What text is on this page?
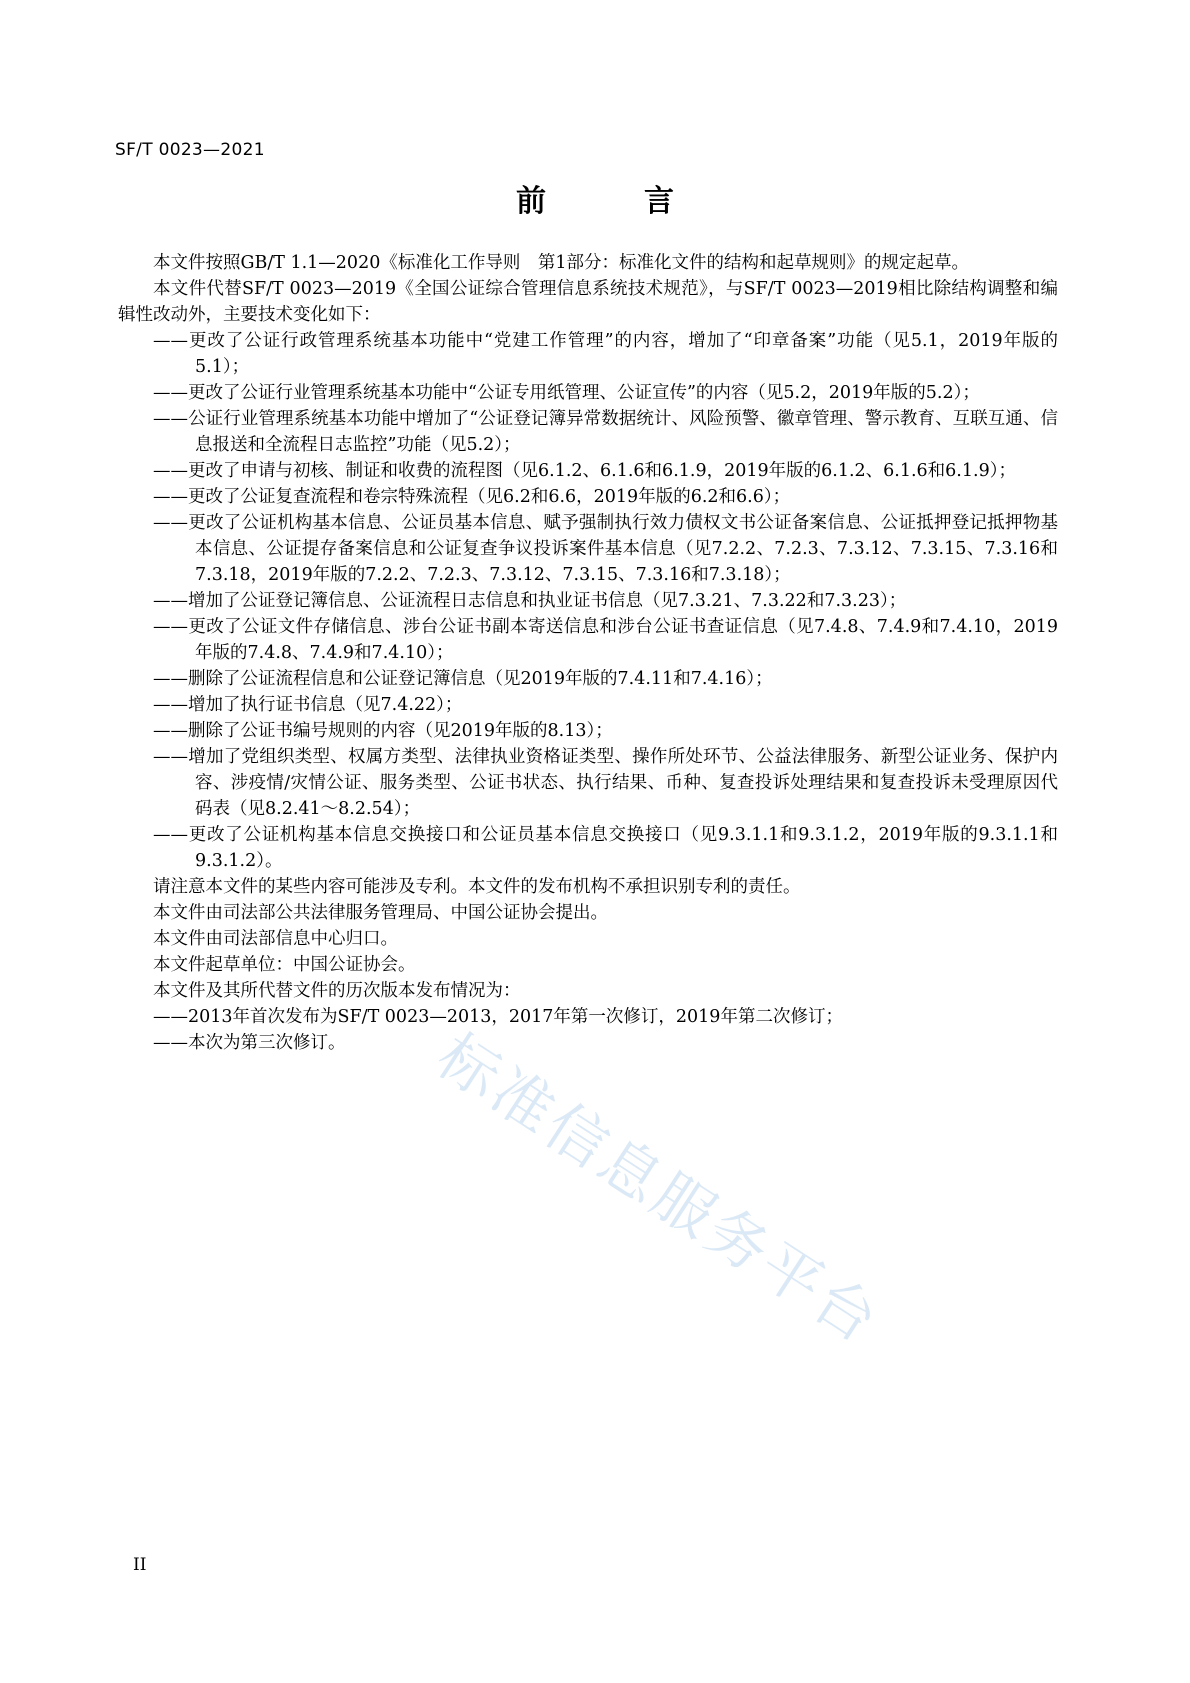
SF/T 0023—2021
前　言

本文件按照GB/T 1.1—2020《标准化工作导则　第1部分：标准化文件的结构和起草规则》的规定起草。

本文件代替SF/T 0023—2019《全国公证综合管理信息系统技术规范》，与SF/T 0023—2019相比除结构调整和编辑性改动外，主要技术变化如下：

——更改了公证行政管理系统基本功能中“党建工作管理”的内容，增加了“印章备案”功能（见5.1，2019年版的5.1）；

——更改了公证行业管理系统基本功能中“公证专用纸管理、公证宣传”的内容（见5.2，2019年版的5.2）；

——公证行业管理系统基本功能中增加了“公证登记簿异常数据统计、风险预警、徽章管理、警示教育、互联互通、信息报送和全流程日志监控”功能（见5.2）；

——更改了申请与初核、制证和收费的流程图（见6.1.2、6.1.6和6.1.9，2019年版的6.1.2、6.1.6和6.1.9）；

——更改了公证复查流程和卷宗特殊流程（见6.2和6.6，2019年版的6.2和6.6）；

——更改了公证机构基本信息、公证员基本信息、赋予强制执行效力债权文书公证备案信息、公证抵押登记抵押物基本信息、公证提存备案信息和公证复查争议投诉案件基本信息（见7.2.2、7.2.3、7.3.12、7.3.15、7.3.16和7.3.18，2019年版的7.2.2、7.2.3、7.3.12、7.3.15、7.3.16和7.3.18）；

——增加了公证登记簿信息、公证流程日志信息和执业证书信息（见7.3.21、7.3.22和7.3.23）；

——更改了公证文件存储信息、涉台公证书副本寄送信息和涉台公证书查证信息（见7.4.8、7.4.9和7.4.10，2019年版的7.4.8、7.4.9和7.4.10）；

——删除了公证流程信息和公证登记簿信息（见2019年版的7.4.11和7.4.16）；

——增加了执行证书信息（见7.4.22）；

——删除了公证书编号规则的内容（见2019年版的8.13）；

——增加了党组织类型、权属方类型、法律执业资格证类型、操作所处环节、公益法律服务、新型公证业务、保护内容、涉疫情/灾情公证、服务类型、公证书状态、执行结果、币种、复查投诉处理结果和复查投诉未受理原因代码表（见8.2.41～8.2.54）；

——更改了公证机构基本信息交换接口和公证员基本信息交换接口（见9.3.1.1和9.3.1.2，2019年版的9.3.1.1和9.3.1.2）。

请注意本文件的某些内容可能涉及专利。本文件的发布机构不承担识别专利的责任。

本文件由司法部公共法律服务管理局、中国公证协会提出。

本文件由司法部信息中心归口。

本文件起草单位：中国公证协会。

本文件及其所代替文件的历次版本发布情况为：

——2013年首次发布为SF/T 0023—2013，2017年第一次修订，2019年第二次修订；

——本次为第三次修订。	标准信息服务平台
II
